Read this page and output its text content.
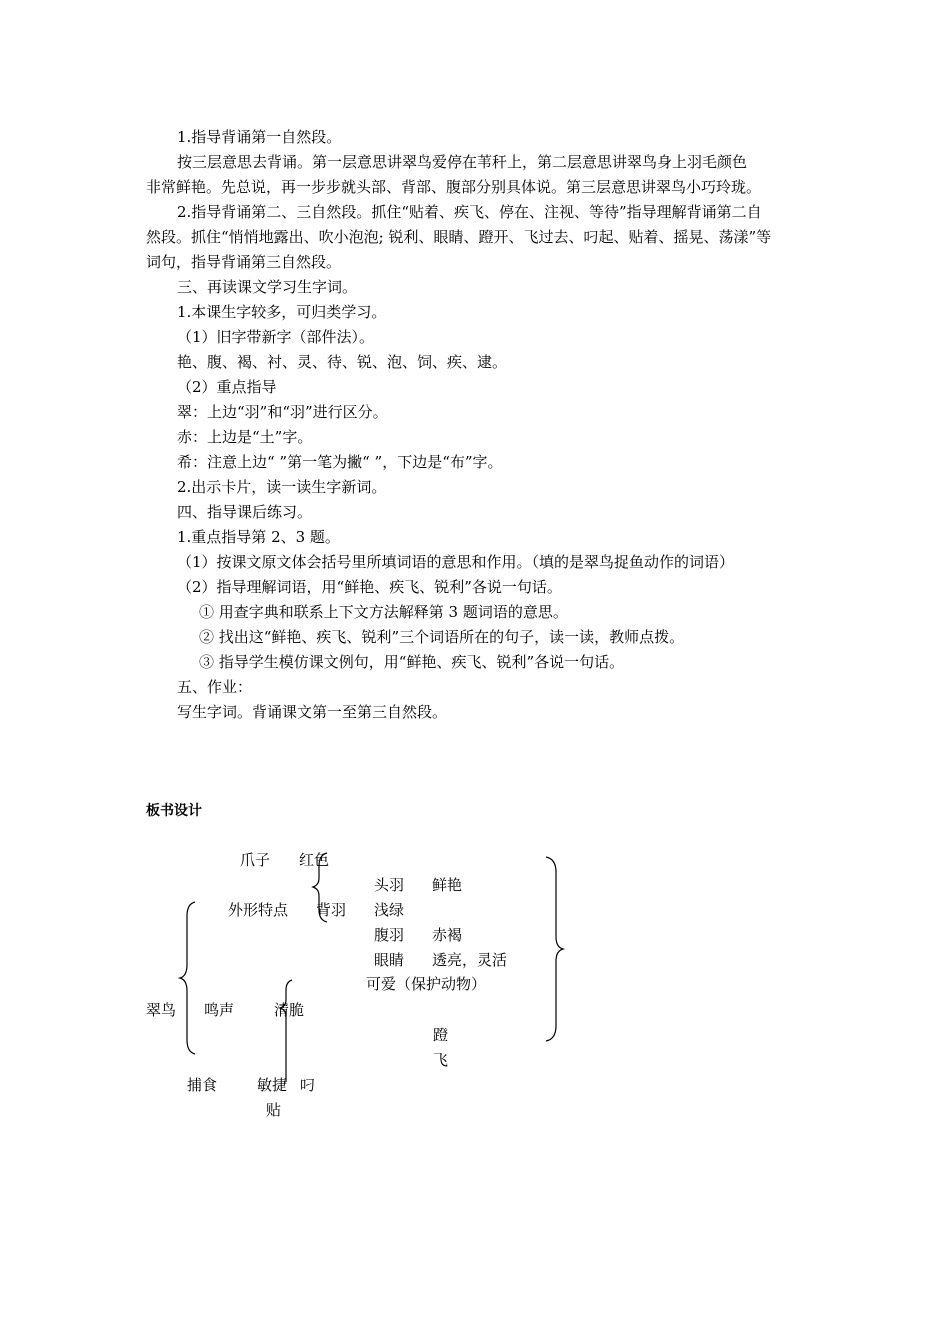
1.指导背诵第一自然段。
按三层意思去背诵。第一层意思讲翠鸟爱停在苇秆上，第二层意思讲翠鸟身上羽毛颜色
非常鲜艳。先总说，再一步步就头部、背部、腹部分别具体说。第三层意思讲翠鸟小巧玲珑。
2.指导背诵第二、三自然段。抓住“贴着、疾飞、停在、注视、等待”指导理解背诵第二自
然段。抓住“悄悄地露出、吹小泡泡; 锐利、眼睛、蹬开、飞过去、叼起、贴着、摇晃、荡漾”等
词句，指导背诵第三自然段。
三、再读课文学习生字词。
1.本课生字较多，可归类学习。
（1）旧字带新字（部件法）。
艳、腹、褐、衬、灵、待、锐、泡、饲、疾、逮。
（2）重点指导
翠：上边“羽”和“羽”进行区分。
赤：上边是“土”字。
希：注意上边“ ”第一笔为撇“ ”，下边是“布”字。
2.出示卡片，读一读生字新词。
四、指导课后练习。
1.重点指导第 2、3 题。
（1）按课文原文体会括号里所填词语的意思和作用。（填的是翠鸟捉鱼动作的词语）
（2）指导理解词语，用“鲜艳、疾飞、锐利”各说一句话。
① 用查字典和联系上下文方法解释第 3 题词语的意思。
② 找出这“鲜艳、疾飞、锐利”三个词语所在的句子，读一读，教师点拨。
③ 指导学生模仿课文例句，用“鲜艳、疾飞、锐利”各说一句话。
五、作业：
写生字词。背诵课文第一至第三自然段。
板书设计
爪子 红色
头羽 鲜艳
外形特点 背羽 浅绿
腹羽 赤褐
眼睛 透亮，灵活
可爱（保护动物）
翠鸟 鸣声	清脆
蹬
飞
捕食	敏捷 叼
贴
